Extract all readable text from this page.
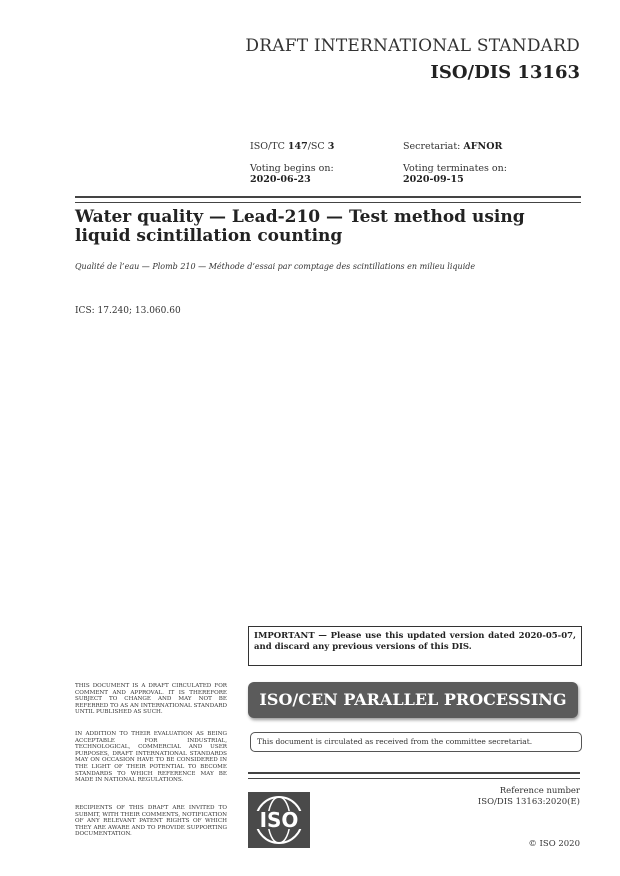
DRAFT INTERNATIONAL STANDARD
ISO/DIS 13163
ISO/TC 147/SC 3	Secretariat: AFNOR
Voting begins on:
2020-06-23
Voting terminates on:
2020-09-15
Water quality — Lead-210 — Test method using liquid scintillation counting
Qualité de l’eau — Plomb 210 — Méthode d’essai par comptage des scintillations en milieu liquide
ICS: 17.240; 13.060.60
IMPORTANT — Please use this updated version dated 2020-05-07, and discard any previous versions of this DIS.
THIS DOCUMENT IS A DRAFT CIRCULATED FOR COMMENT AND APPROVAL. IT IS THEREFORE SUBJECT TO CHANGE AND MAY NOT BE REFERRED TO AS AN INTERNATIONAL STANDARD UNTIL PUBLISHED AS SUCH.
IN ADDITION TO THEIR EVALUATION AS BEING ACCEPTABLE FOR INDUSTRIAL, TECHNOLOGICAL, COMMERCIAL AND USER PURPOSES, DRAFT INTERNATIONAL STANDARDS MAY ON OCCASION HAVE TO BE CONSIDERED IN THE LIGHT OF THEIR POTENTIAL TO BECOME STANDARDS TO WHICH REFERENCE MAY BE MADE IN NATIONAL REGULATIONS.
RECIPIENTS OF THIS DRAFT ARE INVITED TO SUBMIT, WITH THEIR COMMENTS, NOTIFICATION OF ANY RELEVANT PATENT RIGHTS OF WHICH THEY ARE AWARE AND TO PROVIDE SUPPORTING DOCUMENTATION.
ISO/CEN PARALLEL PROCESSING
This document is circulated as received from the committee secretariat.
ISO
Reference number
ISO/DIS 13163:2020(E)
© ISO 2020
